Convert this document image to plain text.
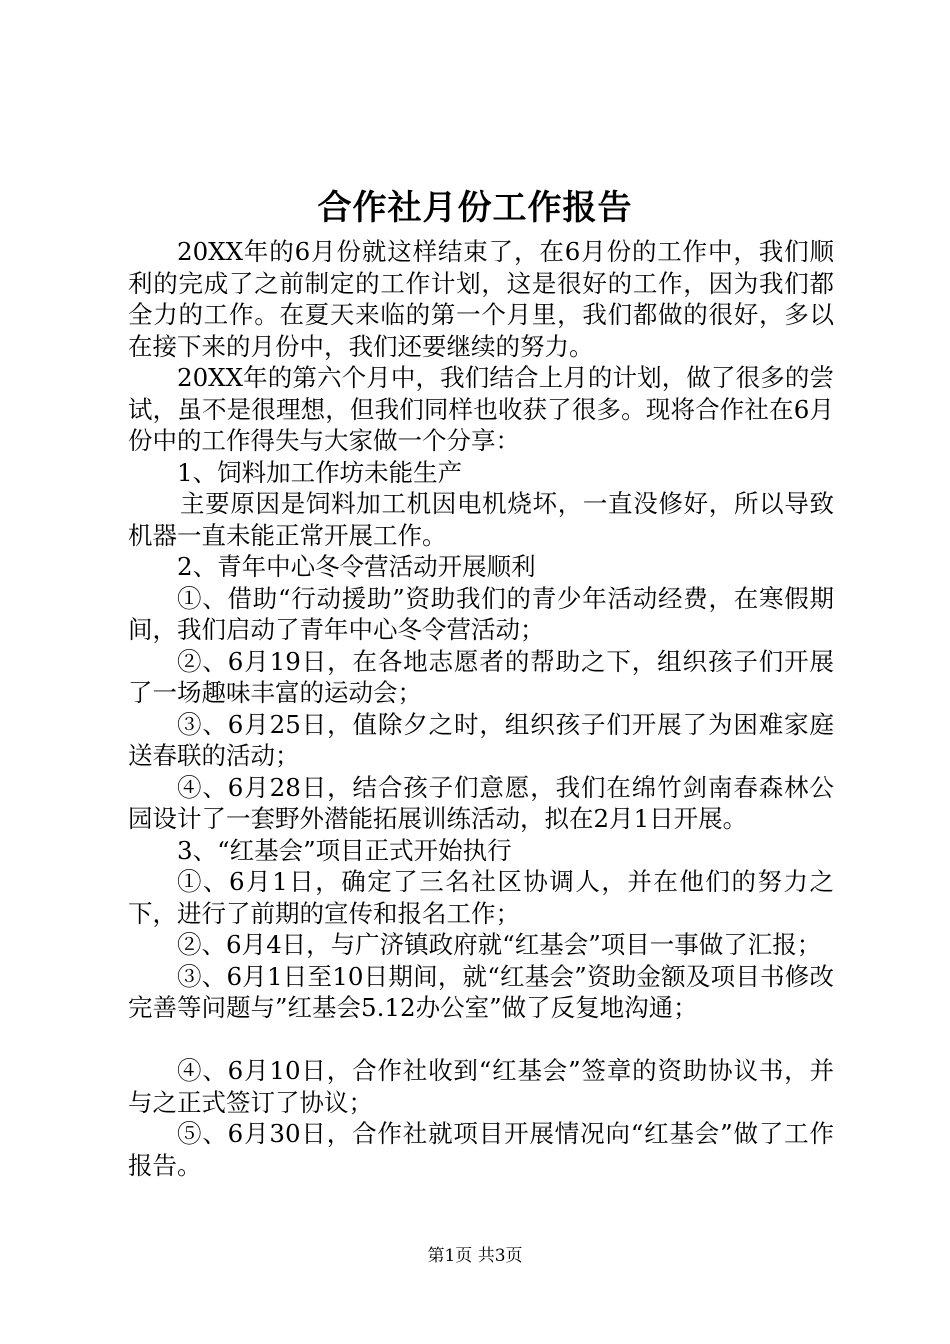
合作社月份工作报告

20XX年的6月份就这样结束了，在6月份的工作中，我们顺利的完成了之前制定的工作计划，这是很好的工作，因为我们都全力的工作。在夏天来临的第一个月里，我们都做的很好，多以在接下来的月份中，我们还要继续的努力。

20XX年的第六个月中，我们结合上月的计划，做了很多的尝试，虽不是很理想，但我们同样也收获了很多。现将合作社在6月份中的工作得失与大家做一个分享：

1、饲料加工作坊未能生产

主要原因是饲料加工机因电机烧坏，一直没修好，所以导致机器一直未能正常开展工作。

2、青年中心冬令营活动开展顺利

①、借助“行动援助”资助我们的青少年活动经费，在寒假期间，我们启动了青年中心冬令营活动；

②、6月19日，在各地志愿者的帮助之下，组织孩子们开展了一场趣味丰富的运动会；

③、6月25日，值除夕之时，组织孩子们开展了为困难家庭送春联的活动；

④、6月28日，结合孩子们意愿，我们在绵竹剑南春森林公园设计了一套野外潜能拓展训练活动，拟在2月1日开展。

3、“红基会”项目正式开始执行

①、6月1日，确定了三名社区协调人，并在他们的努力之下，进行了前期的宣传和报名工作；

②、6月4日，与广济镇政府就“红基会”项目一事做了汇报；

③、6月1日至10日期间，就“红基会”资助金额及项目书修改完善等问题与”红基会5.12办公室”做了反复地沟通；

④、6月10日，合作社收到“红基会”签章的资助协议书，并与之正式签订了协议；

⑤、6月30日，合作社就项目开展情况向“红基会”做了工作报告。

第1页 共3页
